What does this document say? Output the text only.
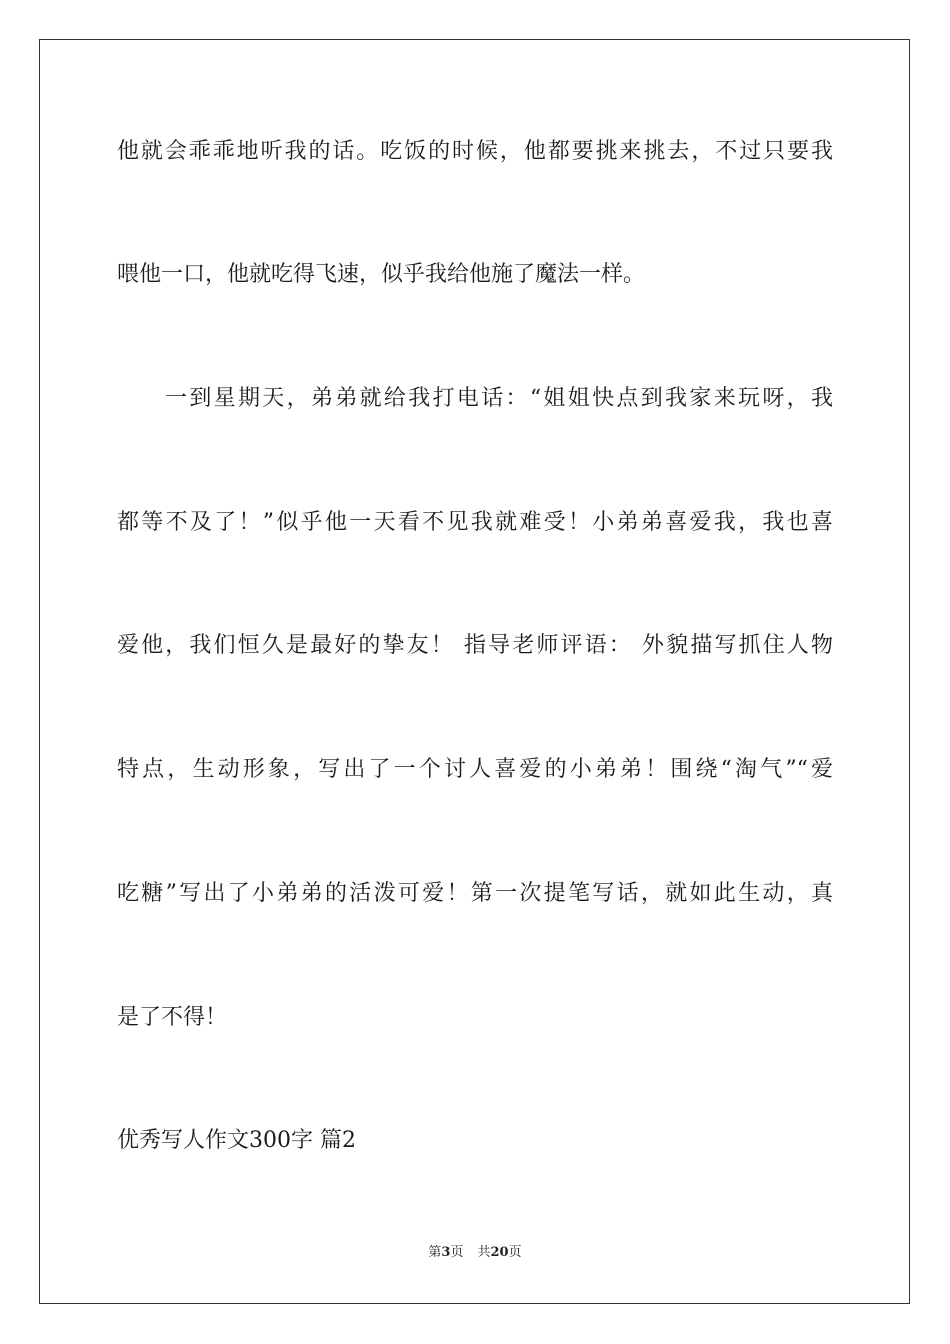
他就会乖乖地听我的话。吃饭的时候，他都要挑来挑去，不过只要我
喂他一口，他就吃得飞速，似乎我给他施了魔法一样。
一到星期天，弟弟就给我打电话：“姐姐快点到我家来玩呀，我
都等不及了！”似乎他一天看不见我就难受！小弟弟喜爱我，我也喜
爱他，我们恒久是最好的挚友！ 指导老师评语： 外貌描写抓住人物
特点，生动形象，写出了一个讨人喜爱的小弟弟！围绕“淘气”“爱
吃糖”写出了小弟弟的活泼可爱！第一次提笔写话，就如此生动，真
是了不得！
优秀写人作文300字 篇2
第3页 共20页
